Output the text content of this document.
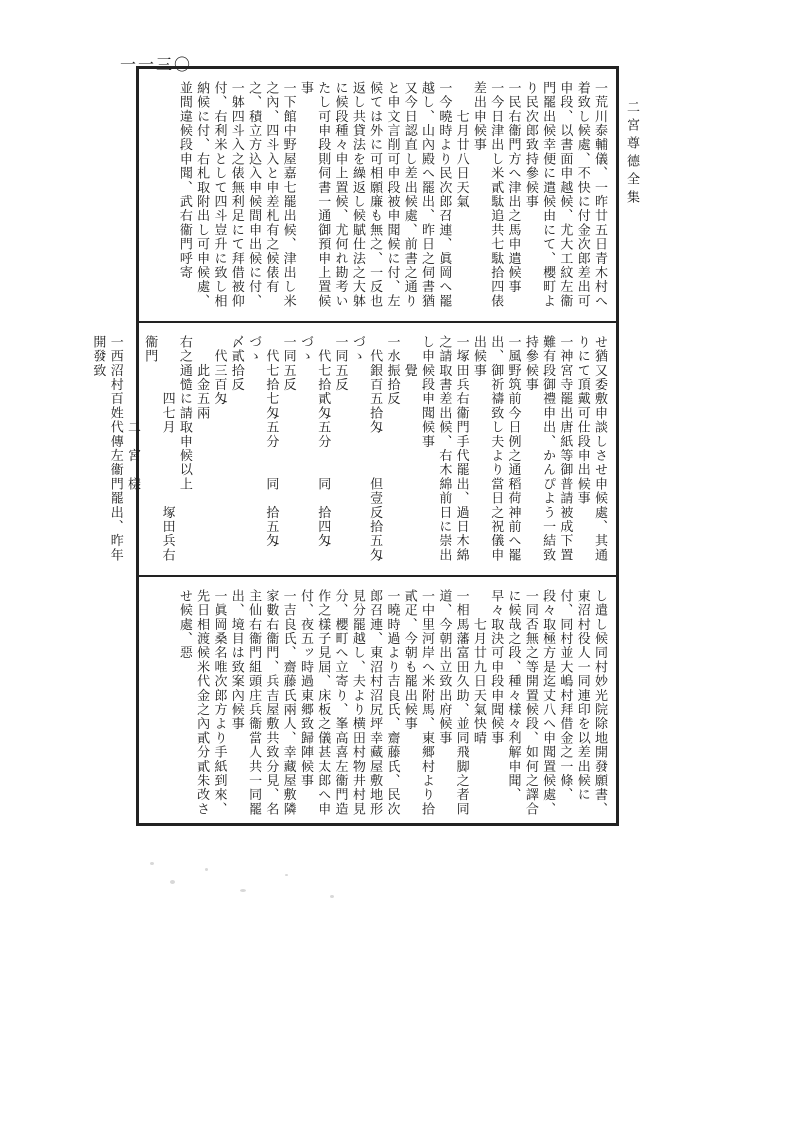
二宮尊德全集
一一三〇
一荒川泰輔儀、一昨廿五日青木村へ着致し候處、不快に付金次郎差出可申段、以書面申越候、尤大工紋左衞門罷出候幸便に遣候由にて、櫻町より民次郎致持參候事
一民右衞門方へ津出之馬申遣候事
一今日津出し米貳駄追共七駄拾四俵差出申候事
　　七月廿八日天氣
一今曉時より民次郎召連、眞岡へ罷越し、山內殿へ罷出、昨日之伺書猶又今日認直し差出候處、前書之通りと申文言削可申段被申聞候に付、左候ては外に可相願廉も無之、一反也返し共貸法を繰返し候賦仕法之大躰に候段種々申上置候、尤何れ勘考いたし可申段則伺書一通御預申上置候事
一下館中野屋嘉七罷出候、津出し米之內、四斗入と申差札有之候俵有之、積立方込入申候間申出候に付、一躰四斗入之俵無利足にて拜借被仰付、右利米として四斗豈升に致し相納候に付、右札取附出し可申候處、並間違候段申聞、武右衞門呼寄
せ猶又委敷申談しさせ申候處、其通りにて頂戴可仕段申出候事
一神宮寺罷出唐紙等御普請被成下置難有段御禮申出、かんぴよう一結致持參候事
一風野筑前今日例之通稻荷神前へ罷出、御祈禱致し夫より當日之祝儀申出候事
一塚田兵右衞門手代罷出、過日木綿之請取書差出候、右木綿前日に崇出し申候段申聞候事
　　覺
一水振拾反
　代銀百五拾匁　　　但壹反拾五匁づゝ
一同五反
　代七拾貳匁五分　　同　拾四匁づゝ
一同五反
　代七拾七匁五分　　同　拾五匁づゝ
〆貳拾反
　代三百匁
　　此金五兩
右之通慥に請取申候以上
　　　　四七月　　　　　塚田兵右衞門
　　　　　　二　宮　樣
一西沼村百姓代傳左衞門罷出、昨年開發致
し遣し候同村妙光院除地開發願書、東沼村役人一同連印を以差出候に付、同村並大嶋村拜借金之一條、段々取極方是迄丈八へ申聞置候處、一同否無之等開置候段、如何之譯合に候哉之段、種々樣々利解申聞、早々取決可申段申聞候事
　　七月廿九日天氣快晴
一相馬藩富田久助、並同飛脚之者同道、今朝出立致出府候事
一中里河岸へ米附馬、東郷村より拾貳疋、今朝も罷出候事
一曉時過より吉良氏、齋藤氏、民次郎召連、東沼村沼尻坪幸藏屋敷地形見分罷越し、夫より横田村物井村見分、櫻町へ立寄り、峯高喜左衞門造作之樣子見屆、床板之儀甚太郎へ申付、夜五ッ時過東郷致歸陣候事
一吉良氏、齋藤氏兩人、幸藏屋敷隣家數右衞門、兵吉屋敷共致分見、名主仙右衞門組頭庄兵衞當人共一同罷出、境目は致案內候事
一眞岡桑名唯次郎方より手紙到來、先日相渡候米代金之內貳分貳朱改させ候處、惡
